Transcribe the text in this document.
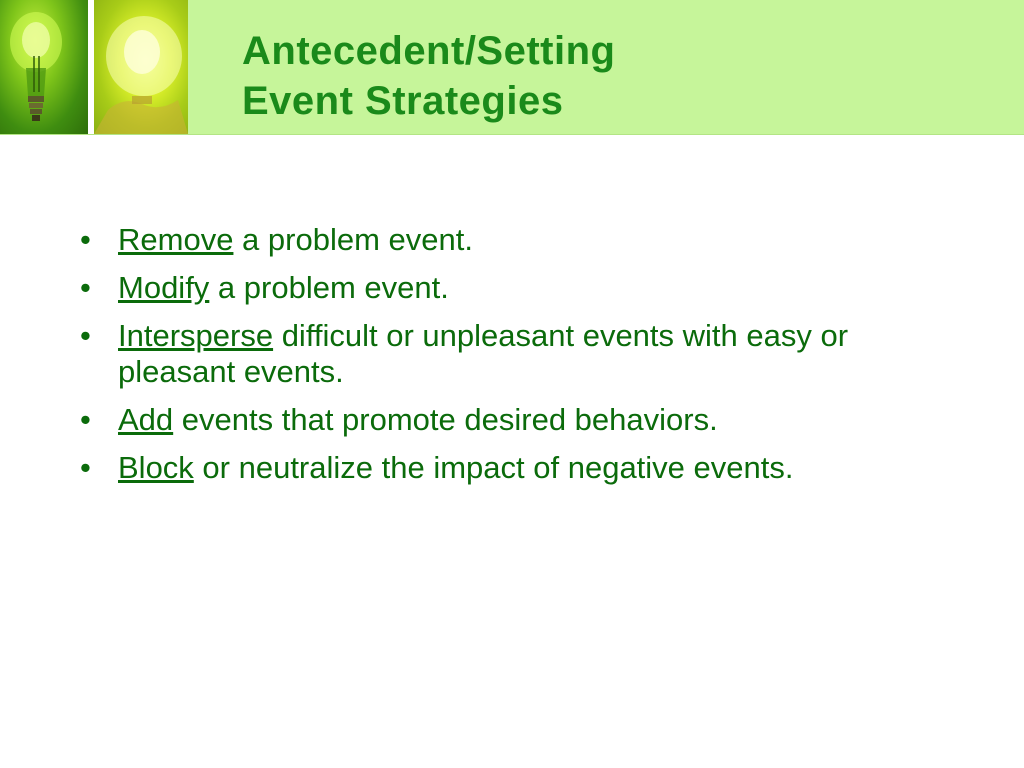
Antecedent/Setting
Event Strategies
• Remove a problem event.
• Modify a problem event.
• Intersperse difficult or unpleasant events with easy or pleasant events.
• Add events that promote desired behaviors.
• Block or neutralize the impact of negative events.
